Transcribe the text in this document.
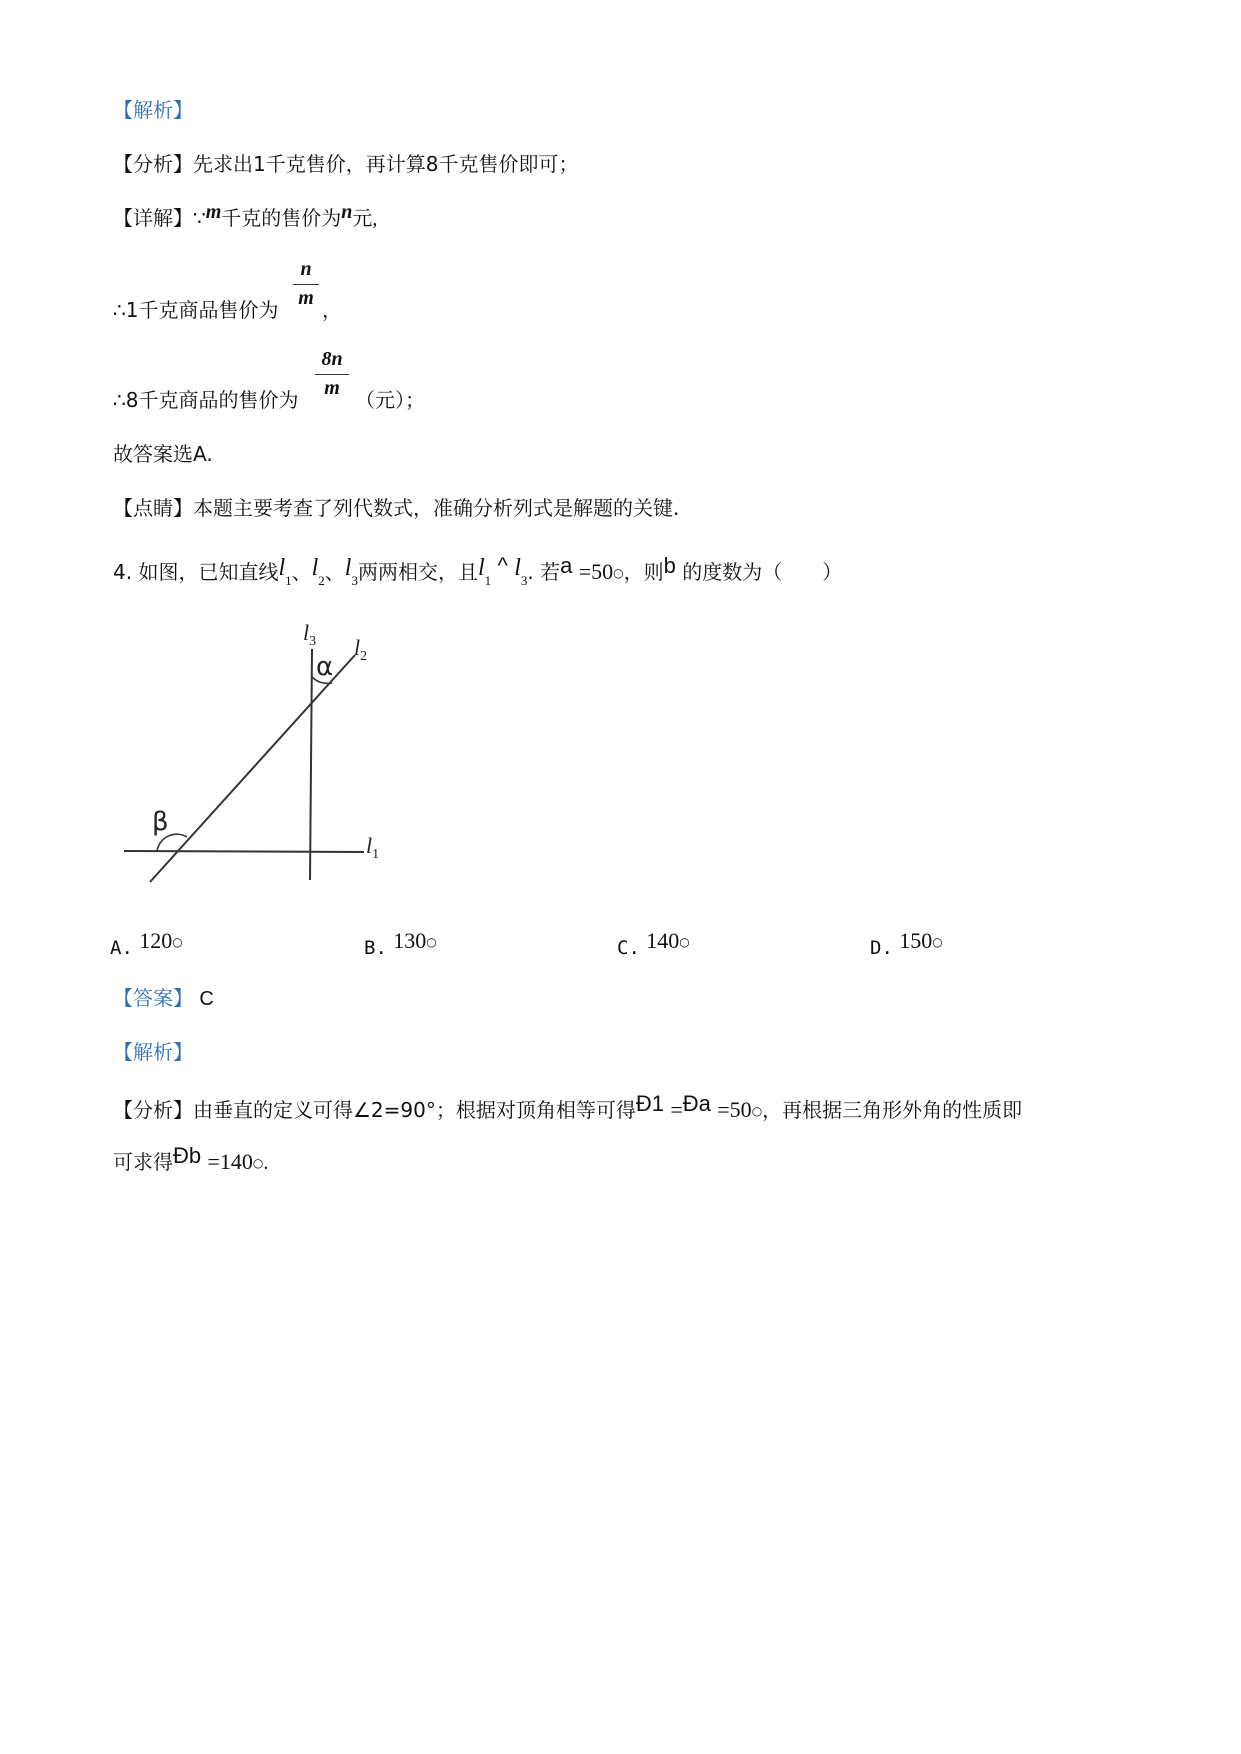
【解析】
【分析】先求出1千克售价，再计算8千克售价即可；
【详解】∵m千克的售价为n元,
∴1千克商品售价为
n
m ，
∴8千克商品的售价为
8n
m （元）；
故答案选A.
【点睛】本题主要考查了列代数式，准确分析列式是解题的关键.
4. 如图，已知直线$l_1$、$l_2$、$l_3$两两相交，且$l_1$ ^ $l_3$. 若a =50○，则b 的度数为（　　）
$l_3$ $l_2$
$l_1$
α
β
A. 120○	B. 130○	C. 140○	D. 150○
【答案】 C
【解析】
【分析】由垂直的定义可得∠2=90°；根据对顶角相等可得Ð1 =Ða =50○，再根据三角形外角的性质即
可求得Ðb =140○.
